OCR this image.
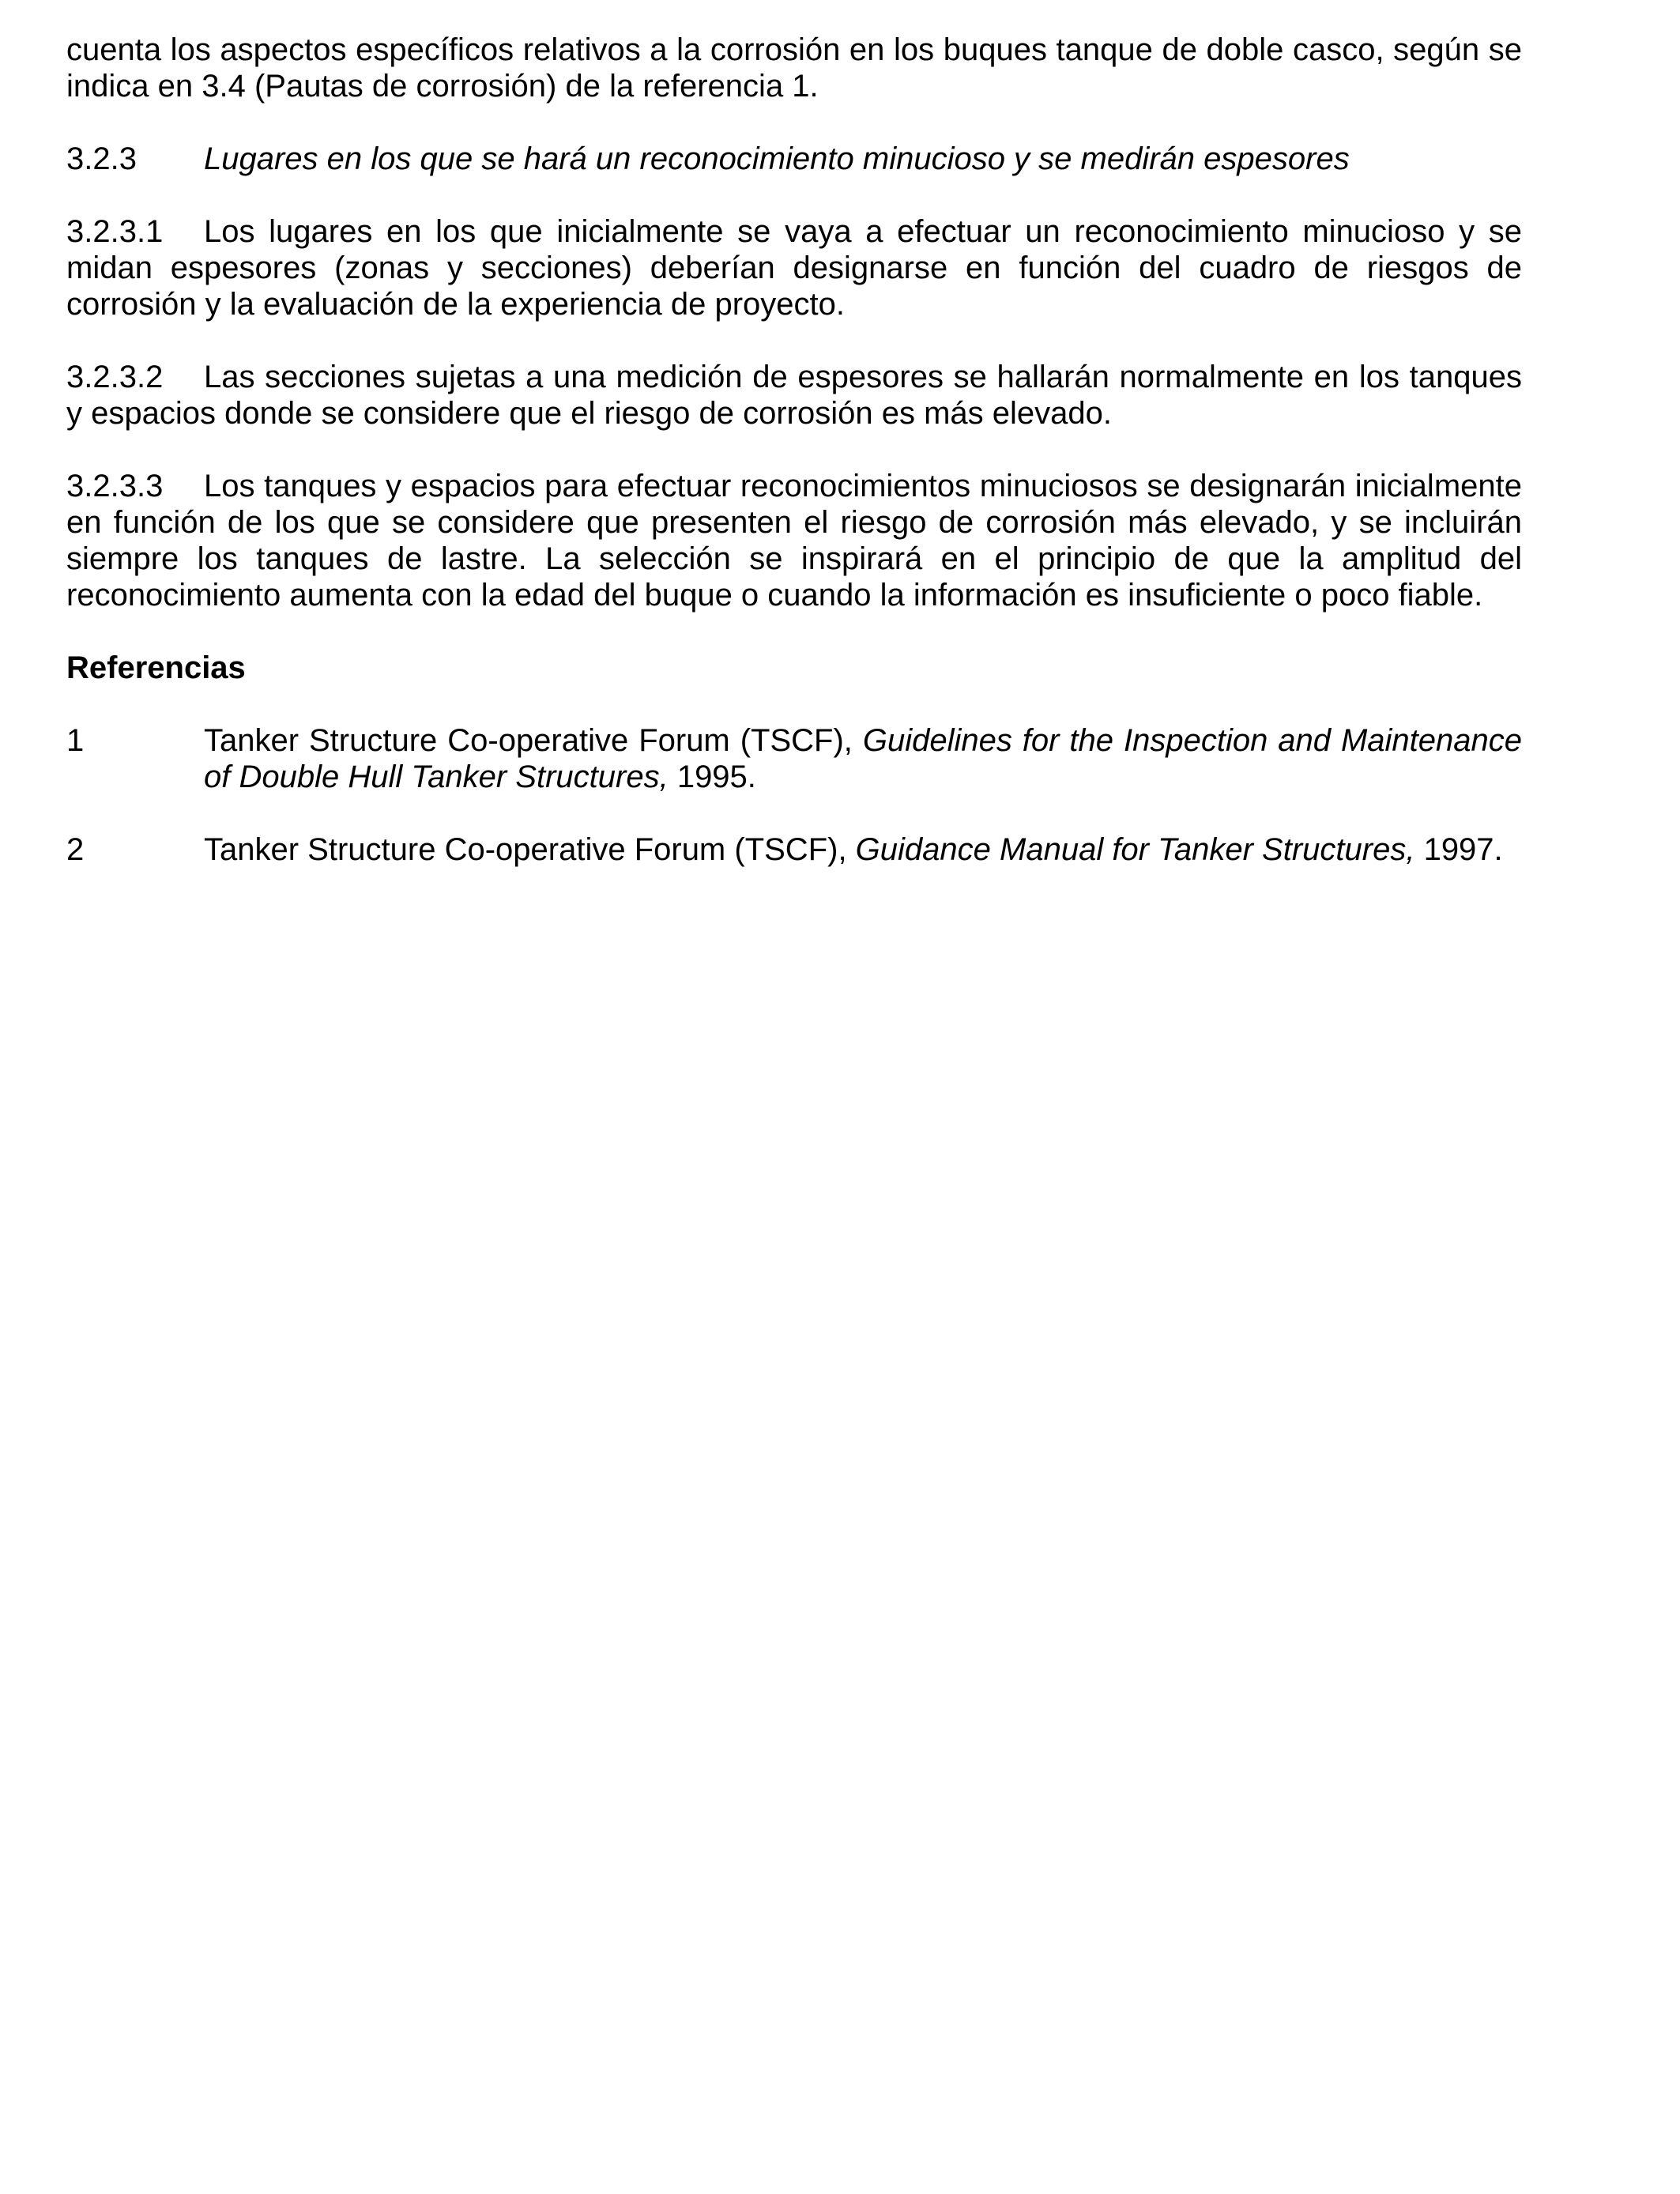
cuenta los aspectos específicos relativos a la corrosión en los buques tanque de doble casco, según se indica en 3.4 (Pautas de corrosión) de la referencia 1.

3.2.3	Lugares en los que se hará un reconocimiento minucioso y se medirán espesores

3.2.3.1 Los lugares en los que inicialmente se vaya a efectuar un reconocimiento minucioso y se midan espesores (zonas y secciones) deberían designarse en función del cuadro de riesgos de corrosión y la evaluación de la experiencia de proyecto.

3.2.3.2 Las secciones sujetas a una medición de espesores se hallarán normalmente en los tanques y espacios donde se considere que el riesgo de corrosión es más elevado.

3.2.3.3 Los tanques y espacios para efectuar reconocimientos minuciosos se designarán inicialmente en función de los que se considere que presenten el riesgo de corrosión más elevado, y se incluirán siempre los tanques de lastre. La selección se inspirará en el principio de que la amplitud del reconocimiento aumenta con la edad del buque o cuando la información es insuficiente o poco fiable.

Referencias

1	Tanker Structure Co-operative Forum (TSCF), Guidelines for the Inspection and Maintenance of Double Hull Tanker Structures, 1995.
2	Tanker Structure Co-operative Forum (TSCF), Guidance Manual for Tanker Structures, 1997.
